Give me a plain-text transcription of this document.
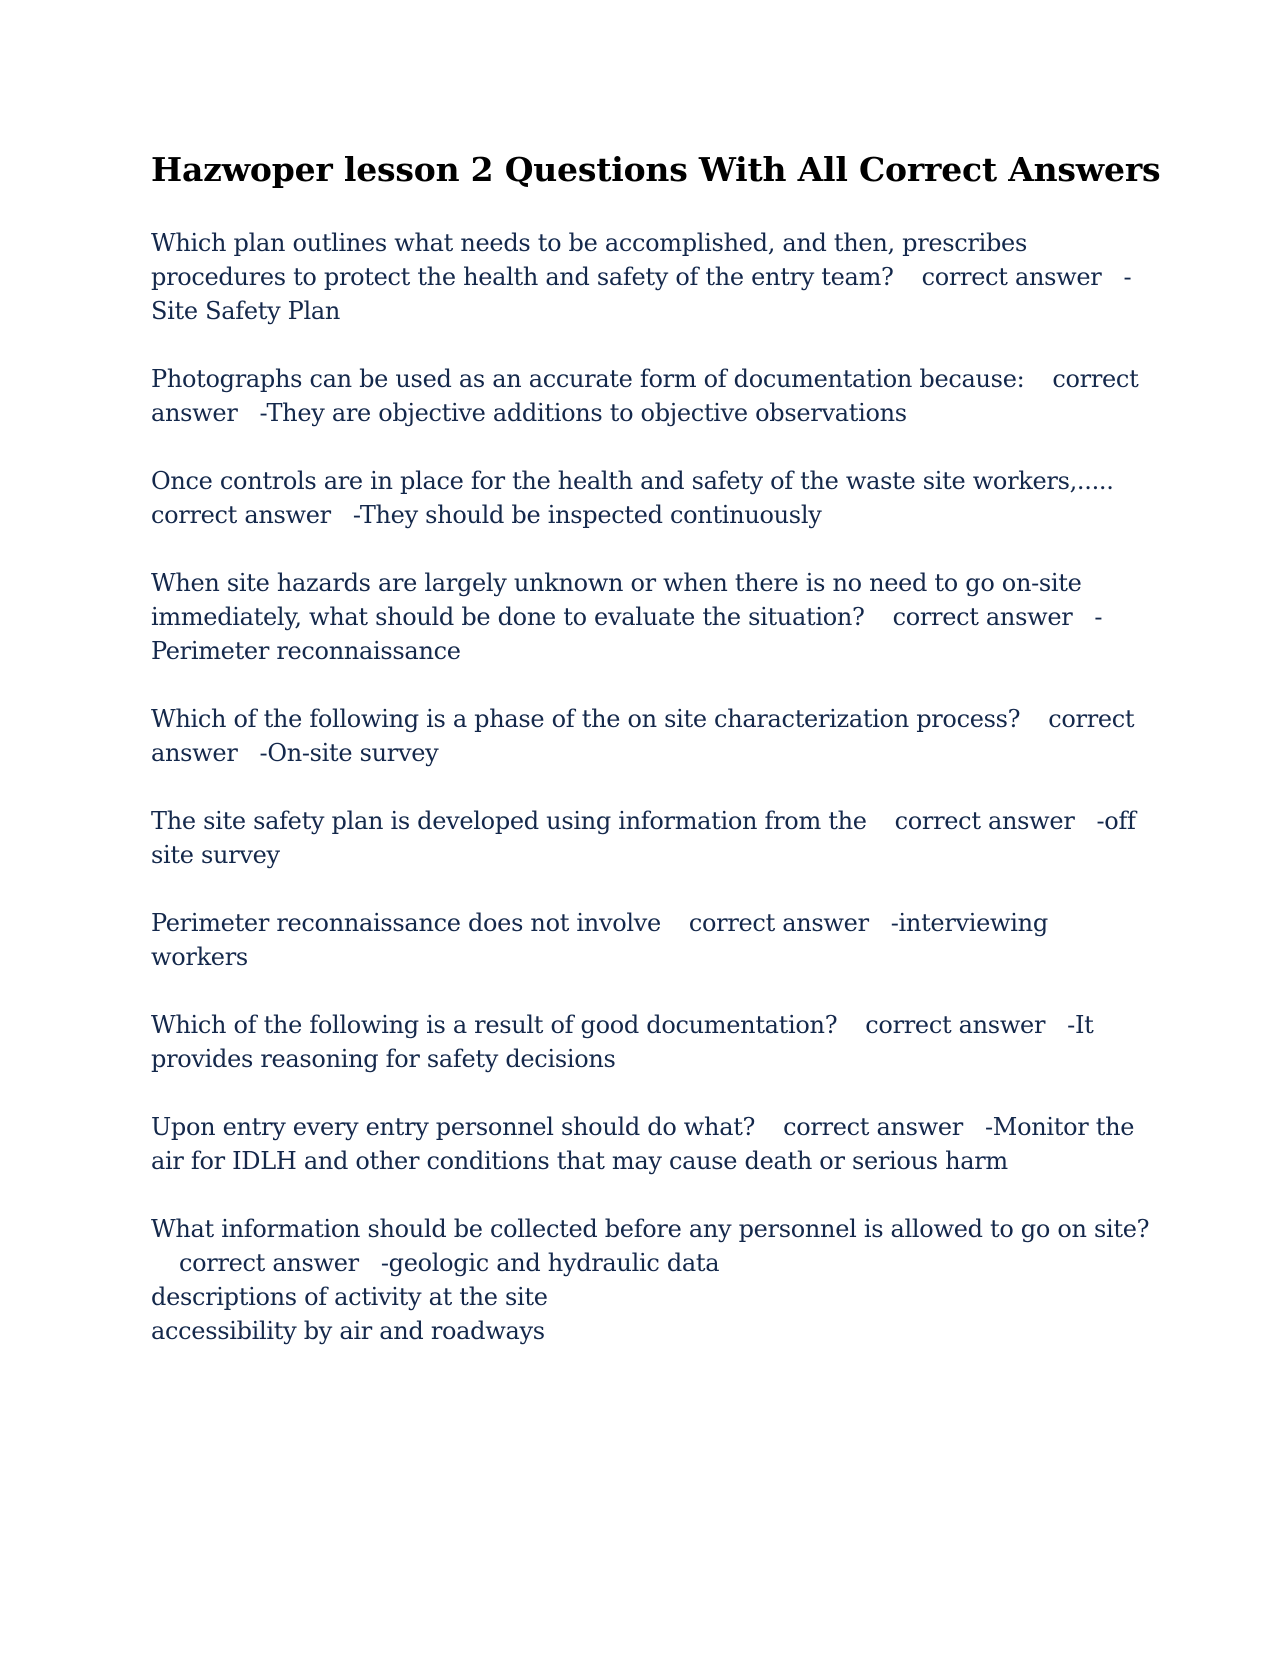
Hazwoper lesson 2 Questions With All Correct Answers

Which plan outlines what needs to be accomplished, and then, prescribes procedures to protect the health and safety of the entry team? correct answer -Site Safety Plan

Photographs can be used as an accurate form of documentation because: correct answer -They are objective additions to objective observations

Once controls are in place for the health and safety of the waste site workers,.....correct answer -They should be inspected continuously

When site hazards are largely unknown or when there is no need to go on-site immediately, what should be done to evaluate the situation? correct answer -Perimeter reconnaissance

Which of the following is a phase of the on site characterization process? correct answer -On-site survey

The site safety plan is developed using information from the correct answer -off site survey

Perimeter reconnaissance does not involve correct answer -interviewing workers

Which of the following is a result of good documentation? correct answer -It provides reasoning for safety decisions

Upon entry every entry personnel should do what? correct answer -Monitor the air for IDLH and other conditions that may cause death or serious harm

What information should be collected before any personnel is allowed to go on site?correct answer -geologic and hydraulic data
descriptions of activity at the site
accessibility by air and roadways
